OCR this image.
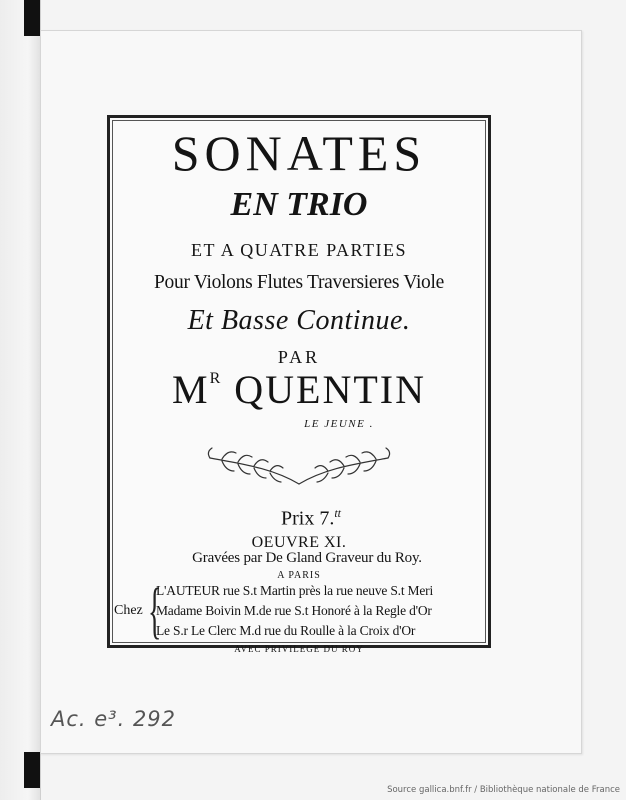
SONATES
EN TRIO
ET A QUATRE PARTIES
Pour Violons Flutes Traversieres Viole
Et Basse Continue.
PAR
$M^R$ QUENTIN
LE JEUNE .
Prix 7.$^{tt}$
OEUVRE XI.
Gravées par De Gland Graveur du Roy.
A PARIS
Chez {
L'AUTEUR rue S.t Martin près la rue neuve S.t Meri
Madame Boivin M.de rue S.t Honoré à la Regle d'Or
Le S.r Le Clerc M.d rue du Roulle à la Croix d'Or
AVEC PRIVILEGE DU ROY
Ac. e³. 292
Source gallica.bnf.fr / Bibliothèque nationale de France
